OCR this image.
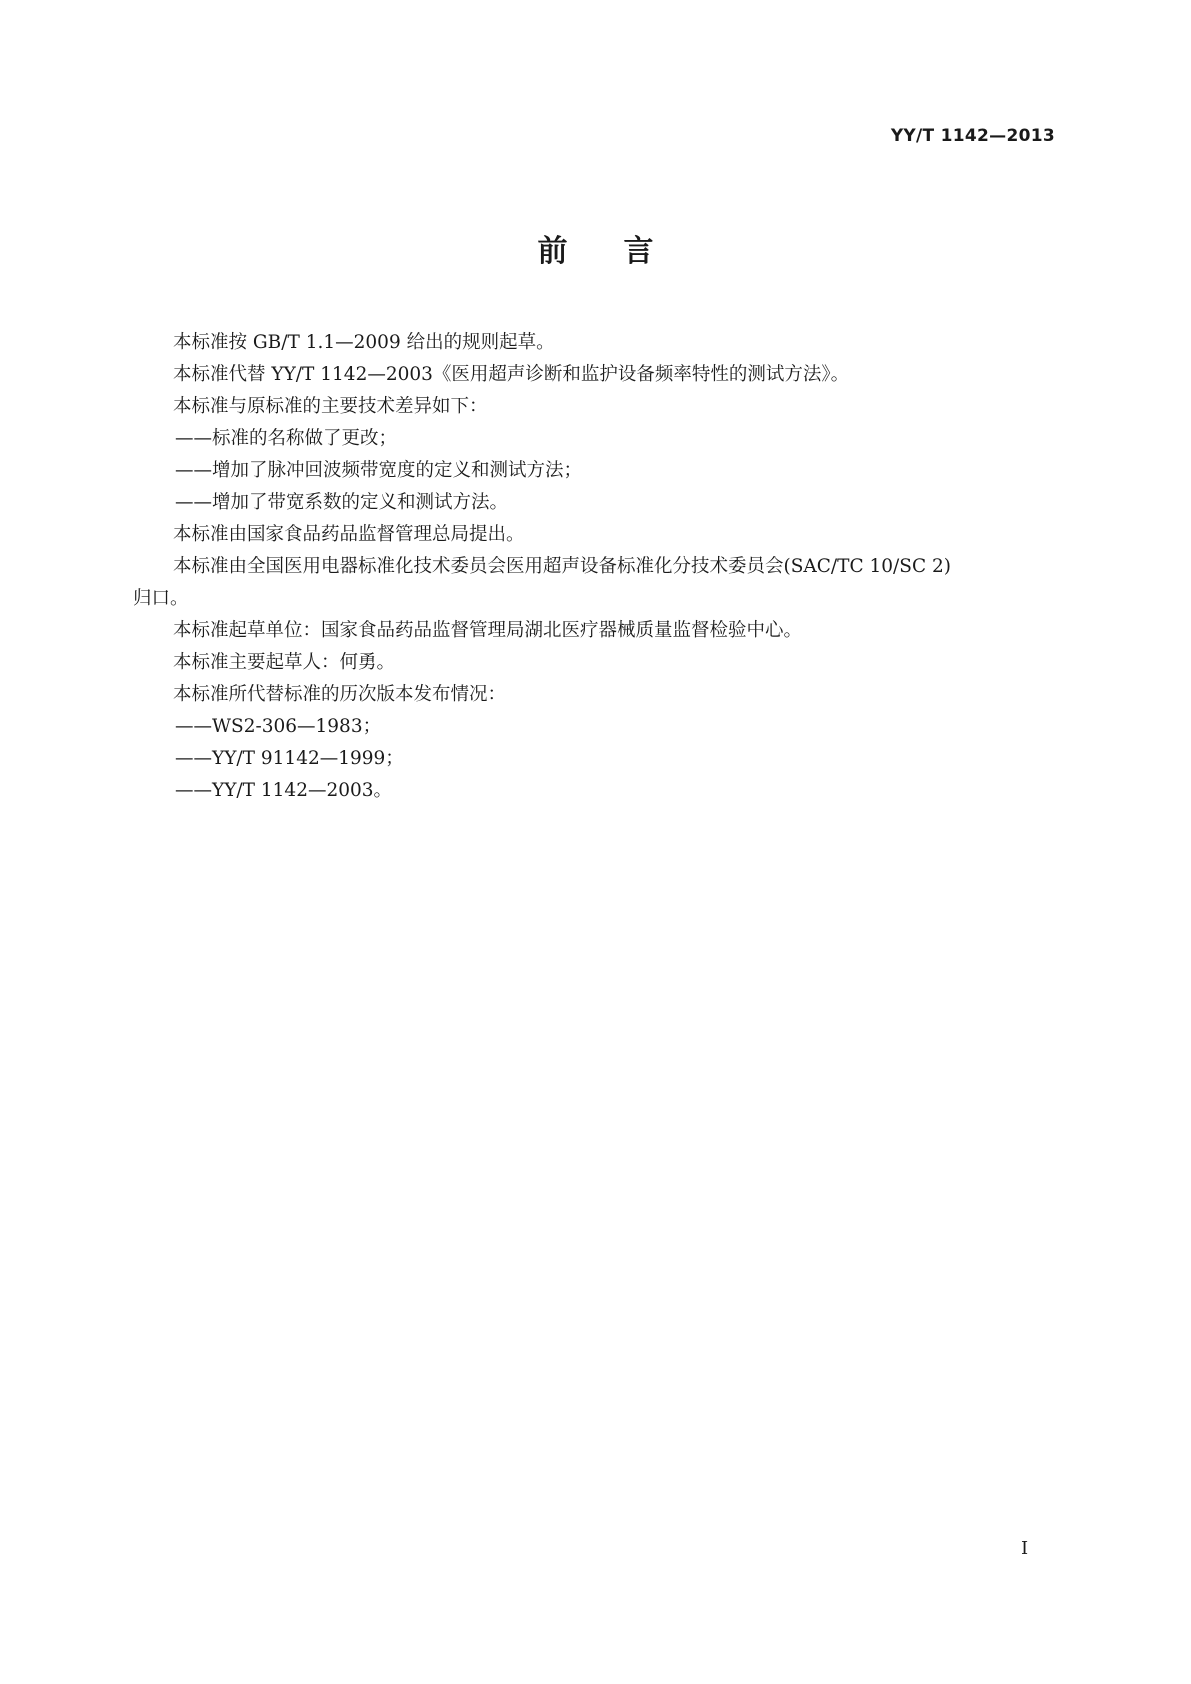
YY/T 1142—2013
前言

本标准按 GB/T 1.1—2009 给出的规则起草。

本标准代替 YY/T 1142—2003《医用超声诊断和监护设备频率特性的测试方法》。

本标准与原标准的主要技术差异如下：

——标准的名称做了更改；

——增加了脉冲回波频带宽度的定义和测试方法；

——增加了带宽系数的定义和测试方法。

本标准由国家食品药品监督管理总局提出。

本标准由全国医用电器标准化技术委员会医用超声设备标准化分技术委员会(SAC/TC 10/SC 2)

归口。

本标准起草单位：国家食品药品监督管理局湖北医疗器械质量监督检验中心。

本标准主要起草人：何勇。

本标准所代替标准的历次版本发布情况：

——WS2-306—1983；

——YY/T 91142—1999；

——YY/T 1142—2003。

I
